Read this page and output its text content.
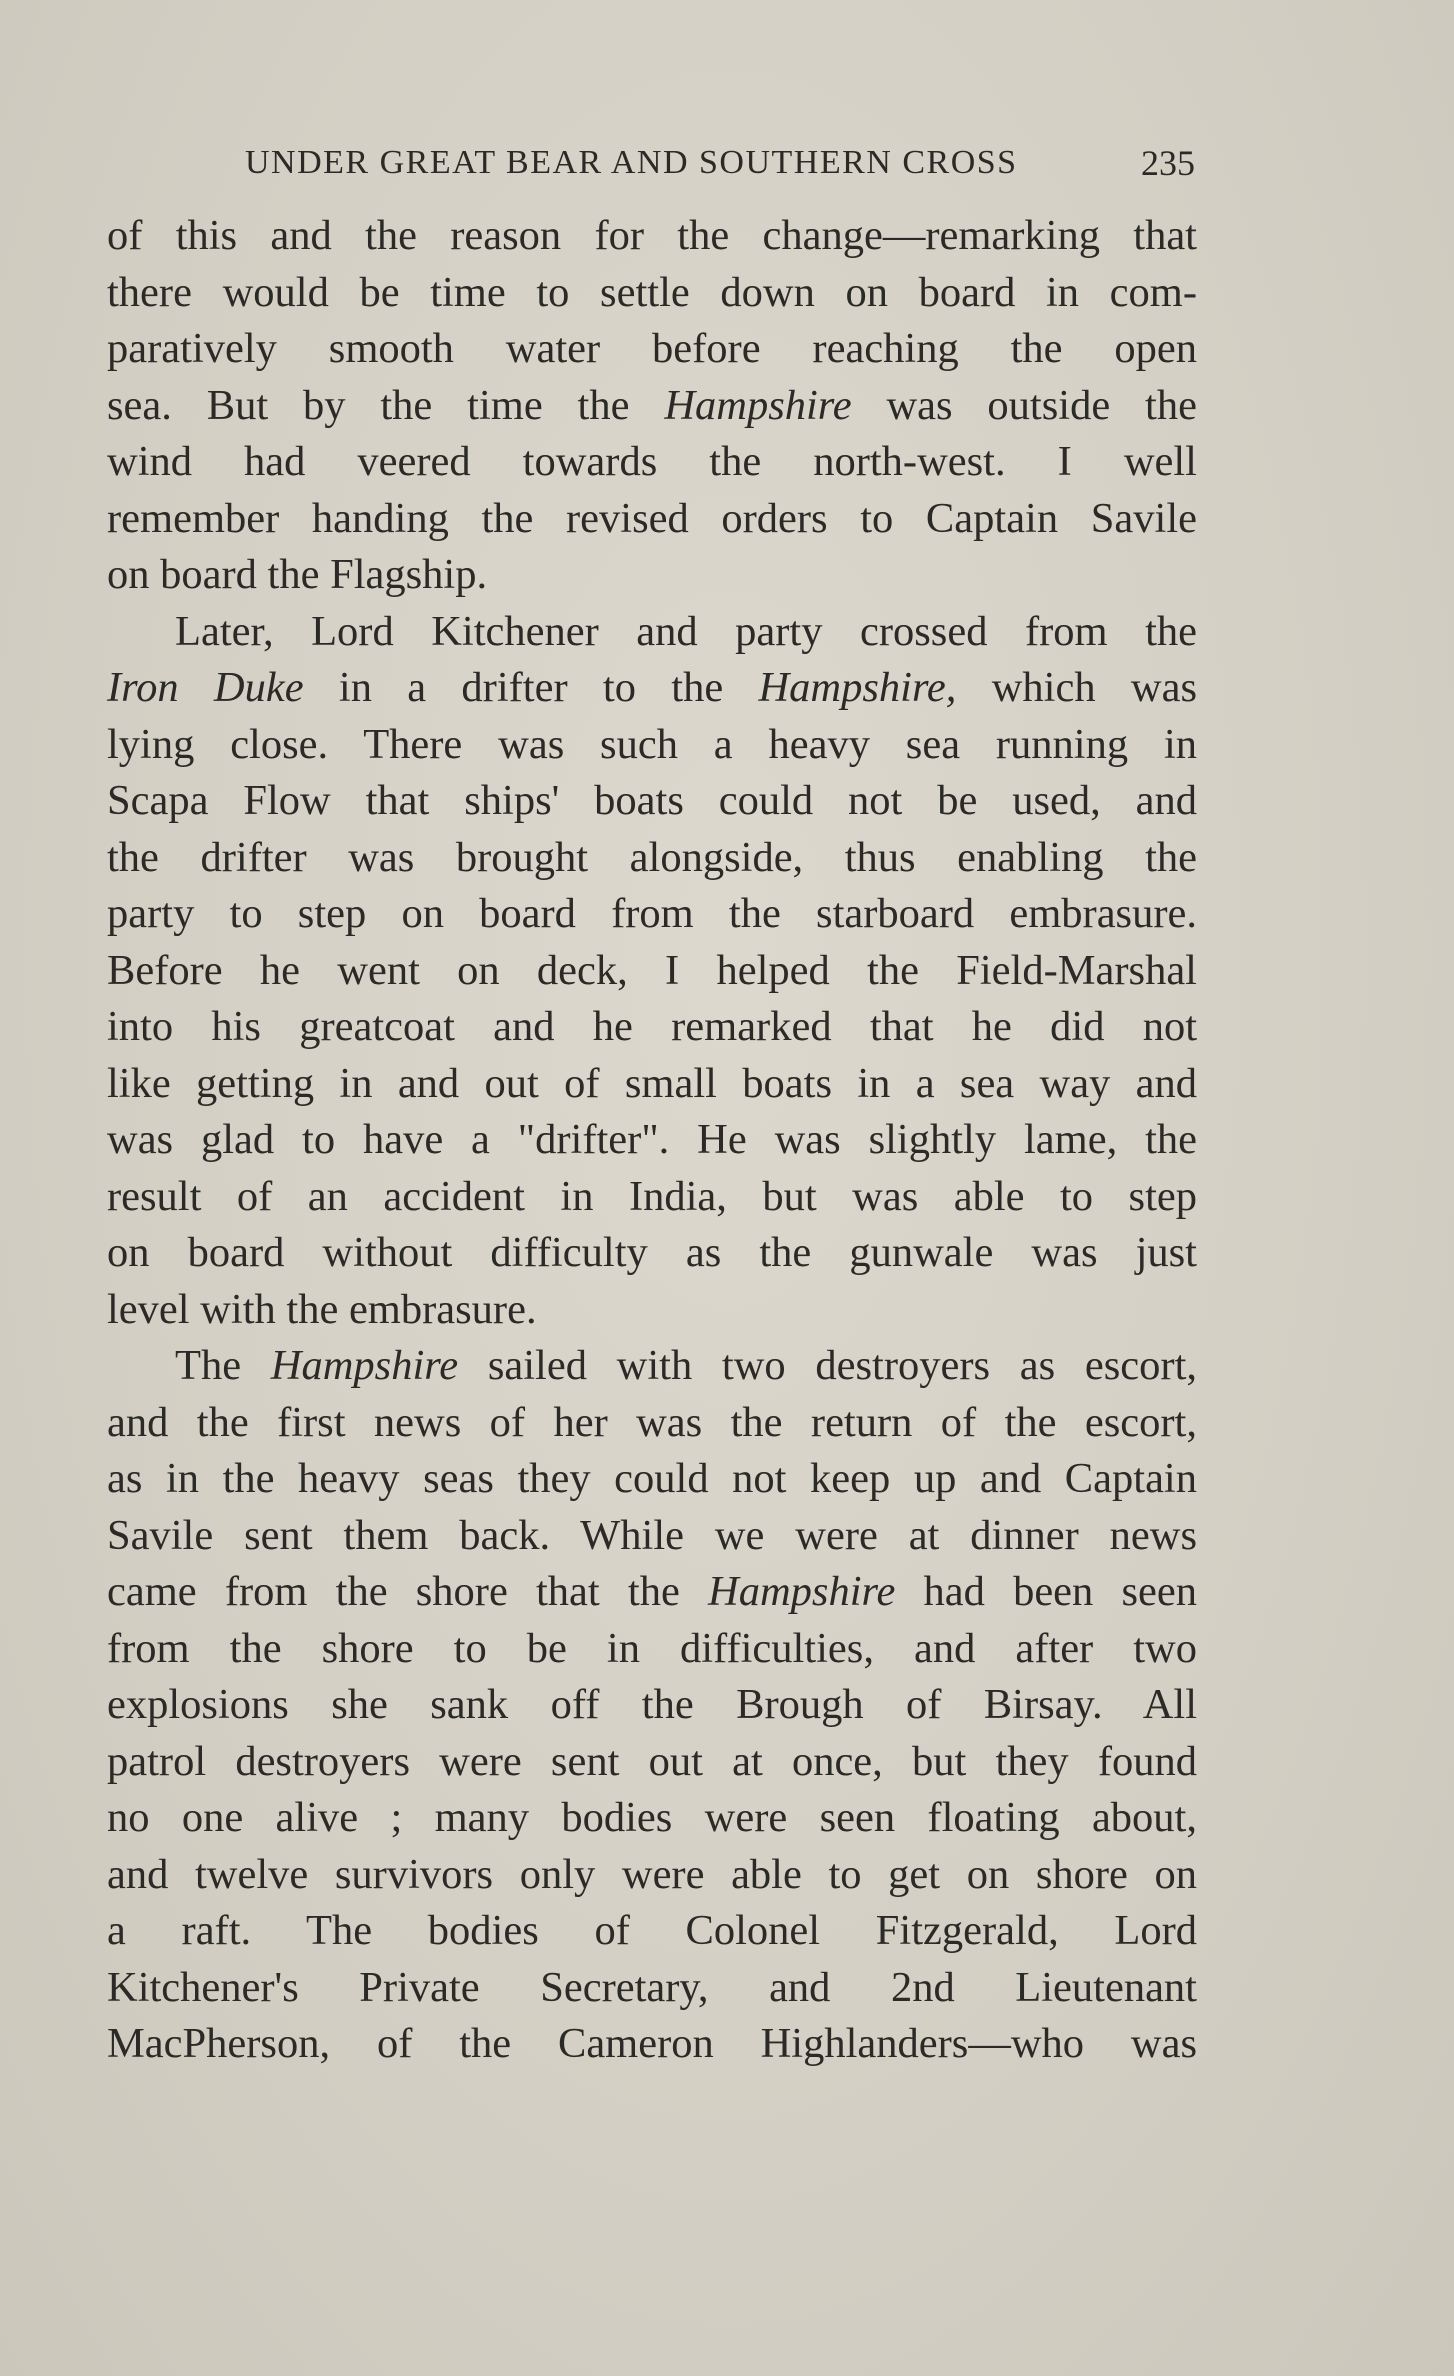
UNDER GREAT BEAR AND SOUTHERN CROSS	235
of this and the reason for the change—remarking that
there would be time to settle down on board in com-
paratively smooth water before reaching the open
sea. But by the time the Hampshire was outside the
wind had veered towards the north-west. I well
remember handing the revised orders to Captain Savile
on board the Flagship.
Later, Lord Kitchener and party crossed from the
Iron Duke in a drifter to the Hampshire, which was
lying close. There was such a heavy sea running in
Scapa Flow that ships' boats could not be used, and
the drifter was brought alongside, thus enabling the
party to step on board from the starboard embrasure.
Before he went on deck, I helped the Field-Marshal
into his greatcoat and he remarked that he did not
like getting in and out of small boats in a sea way and
was glad to have a "drifter". He was slightly lame, the
result of an accident in India, but was able to step
on board without difficulty as the gunwale was just
level with the embrasure.
The Hampshire sailed with two destroyers as escort,
and the first news of her was the return of the escort,
as in the heavy seas they could not keep up and Captain
Savile sent them back. While we were at dinner news
came from the shore that the Hampshire had been seen
from the shore to be in difficulties, and after two
explosions she sank off the Brough of Birsay. All
patrol destroyers were sent out at once, but they found
no one alive ; many bodies were seen floating about,
and twelve survivors only were able to get on shore on
a raft. The bodies of Colonel Fitzgerald, Lord
Kitchener's Private Secretary, and 2nd Lieutenant
MacPherson, of the Cameron Highlanders—who was
